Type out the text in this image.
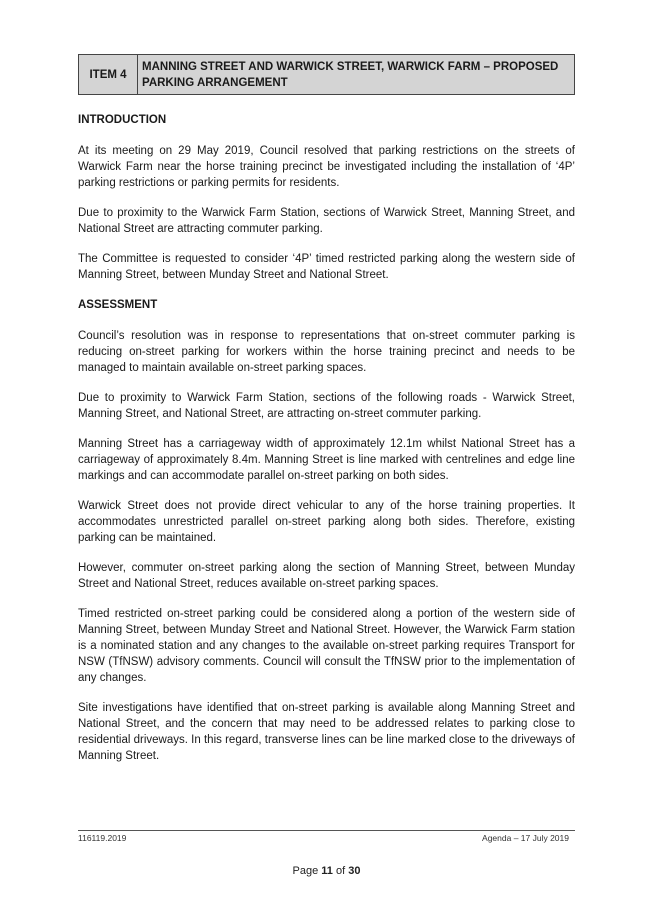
ITEM 4
MANNING STREET AND WARWICK STREET, WARWICK FARM – PROPOSED PARKING ARRANGEMENT
INTRODUCTION

At its meeting on 29 May 2019, Council resolved that parking restrictions on the streets of Warwick Farm near the horse training precinct be investigated including the installation of ‘4P’ parking restrictions or parking permits for residents.

Due to proximity to the Warwick Farm Station, sections of Warwick Street, Manning Street, and National Street are attracting commuter parking.

The Committee is requested to consider ‘4P’ timed restricted parking along the western side of Manning Street, between Munday Street and National Street.

ASSESSMENT

Council’s resolution was in response to representations that on-street commuter parking is reducing on-street parking for workers within the horse training precinct and needs to be managed to maintain available on-street parking spaces.

Due to proximity to Warwick Farm Station, sections of the following roads - Warwick Street, Manning Street, and National Street, are attracting on-street commuter parking.

Manning Street has a carriageway width of approximately 12.1m whilst National Street has a carriageway of approximately 8.4m. Manning Street is line marked with centrelines and edge line markings and can accommodate parallel on-street parking on both sides.

Warwick Street does not provide direct vehicular to any of the horse training properties. It accommodates unrestricted parallel on-street parking along both sides. Therefore, existing parking can be maintained.

However, commuter on-street parking along the section of Manning Street, between Munday Street and National Street, reduces available on-street parking spaces.

Timed restricted on-street parking could be considered along a portion of the western side of Manning Street, between Munday Street and National Street. However, the Warwick Farm station is a nominated station and any changes to the available on-street parking requires Transport for NSW (TfNSW) advisory comments. Council will consult the TfNSW prior to the implementation of any changes.

Site investigations have identified that on-street parking is available along Manning Street and National Street, and the concern that may need to be addressed relates to parking close to residential driveways. In this regard, transverse lines can be line marked close to the driveways of Manning Street.

116119.2019	Agenda – 17 July 2019
Page 11 of 30
